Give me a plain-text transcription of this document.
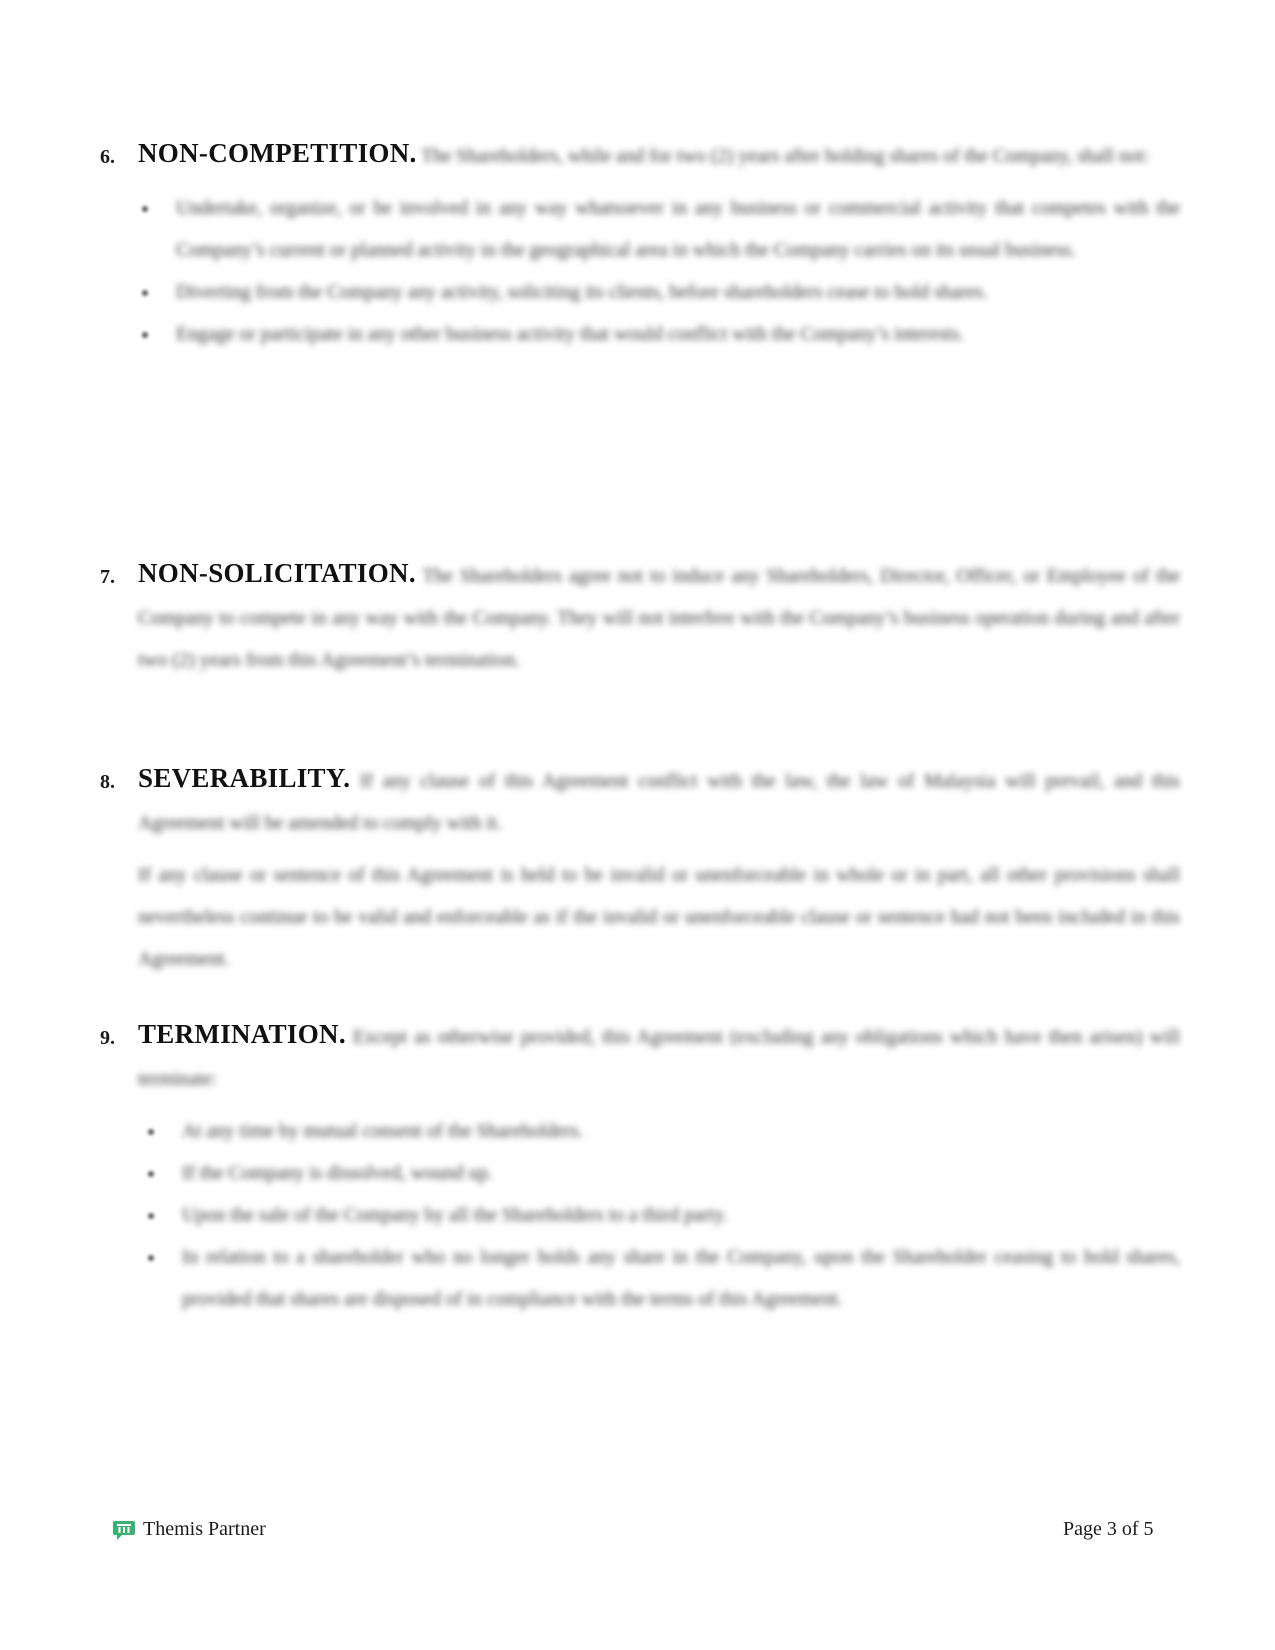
6. NON-COMPETITION. The Shareholders, while and for two (2) years after holding shares of the Company, shall not:
Undertake, organize, or be involved in any way whatsoever in any business or commercial activity that competes with the Company’s current or planned activity in the geographical area in which the Company carries on its usual business.
Diverting from the Company any activity, soliciting its clients, before shareholders cease to hold shares.
Engage or participate in any other business activity that would conflict with the Company’s interests.
7. NON-SOLICITATION. The Shareholders agree not to induce any Shareholders, Director, Officer, or Employee of the Company to compete in any way with the Company. They will not interfere with the Company’s business operation during and after two (2) years from this Agreement’s termination.
8. SEVERABILITY. If any clause of this Agreement conflict with the law, the law of Malaysia will prevail, and this Agreement will be amended to comply with it.
If any clause or sentence of this Agreement is held to be invalid or unenforceable in whole or in part, all other provisions shall nevertheless continue to be valid and enforceable as if the invalid or unenforceable clause or sentence had not been included in this Agreement.
9. TERMINATION. Except as otherwise provided, this Agreement (excluding any obligations which have then arisen) will terminate:
At any time by mutual consent of the Shareholders.
If the Company is dissolved, wound up.
Upon the sale of the Company by all the Shareholders to a third party.
In relation to a shareholder who no longer holds any share in the Company, upon the Shareholder ceasing to hold shares, provided that shares are disposed of in compliance with the terms of this Agreement.
Themis Partner	Page 3 of 5
